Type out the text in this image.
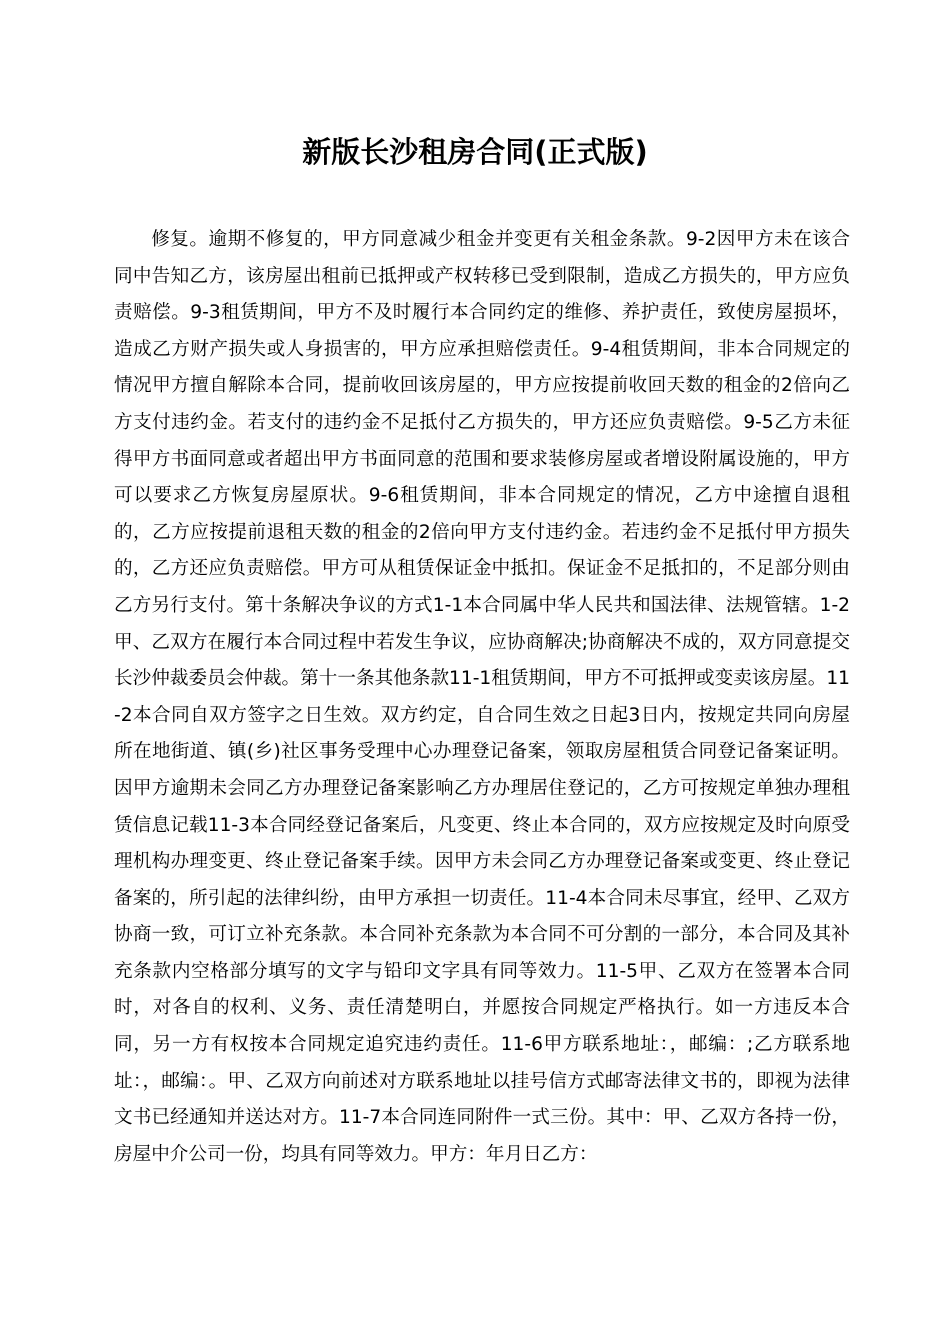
新版长沙租房合同(正式版)

修复。逾期不修复的，甲方同意减少租金并变更有关租金条款。9-2因甲方未在该合同中告知乙方，该房屋出租前已抵押或产权转移已受到限制，造成乙方损失的，甲方应负责赔偿。9-3租赁期间，甲方不及时履行本合同约定的维修、养护责任，致使房屋损坏，造成乙方财产损失或人身损害的，甲方应承担赔偿责任。9-4租赁期间，非本合同规定的情况甲方擅自解除本合同，提前收回该房屋的，甲方应按提前收回天数的租金的2倍向乙方支付违约金。若支付的违约金不足抵付乙方损失的，甲方还应负责赔偿。9-5乙方未征得甲方书面同意或者超出甲方书面同意的范围和要求装修房屋或者增设附属设施的，甲方可以要求乙方恢复房屋原状。9-6租赁期间，非本合同规定的情况，乙方中途擅自退租的，乙方应按提前退租天数的租金的2倍向甲方支付违约金。若违约金不足抵付甲方损失的，乙方还应负责赔偿。甲方可从租赁保证金中抵扣。保证金不足抵扣的，不足部分则由乙方另行支付。第十条解决争议的方式1-1本合同属中华人民共和国法律、法规管辖。1-2甲、乙双方在履行本合同过程中若发生争议，应协商解决;协商解决不成的，双方同意提交长沙仲裁委员会仲裁。第十一条其他条款11-1租赁期间，甲方不可抵押或变卖该房屋。11-2本合同自双方签字之日生效。双方约定，自合同生效之日起3日内，按规定共同向房屋所在地街道、镇(乡)社区事务受理中心办理登记备案，领取房屋租赁合同登记备案证明。因甲方逾期未会同乙方办理登记备案影响乙方办理居住登记的，乙方可按规定单独办理租赁信息记载11-3本合同经登记备案后，凡变更、终止本合同的，双方应按规定及时向原受理机构办理变更、终止登记备案手续。因甲方未会同乙方办理登记备案或变更、终止登记备案的，所引起的法律纠纷，由甲方承担一切责任。11-4本合同未尽事宜，经甲、乙双方协商一致，可订立补充条款。本合同补充条款为本合同不可分割的一部分，本合同及其补充条款内空格部分填写的文字与铅印文字具有同等效力。11-5甲、乙双方在签署本合同时，对各自的权利、义务、责任清楚明白，并愿按合同规定严格执行。如一方违反本合同，另一方有权按本合同规定追究违约责任。11-6甲方联系地址：，邮编：;乙方联系地址：，邮编：。甲、乙双方向前述对方联系地址以挂号信方式邮寄法律文书的，即视为法律文书已经通知并送达对方。11-7本合同连同附件一式三份。其中：甲、乙双方各持一份，房屋中介公司一份，均具有同等效力。甲方：年月日乙方：
